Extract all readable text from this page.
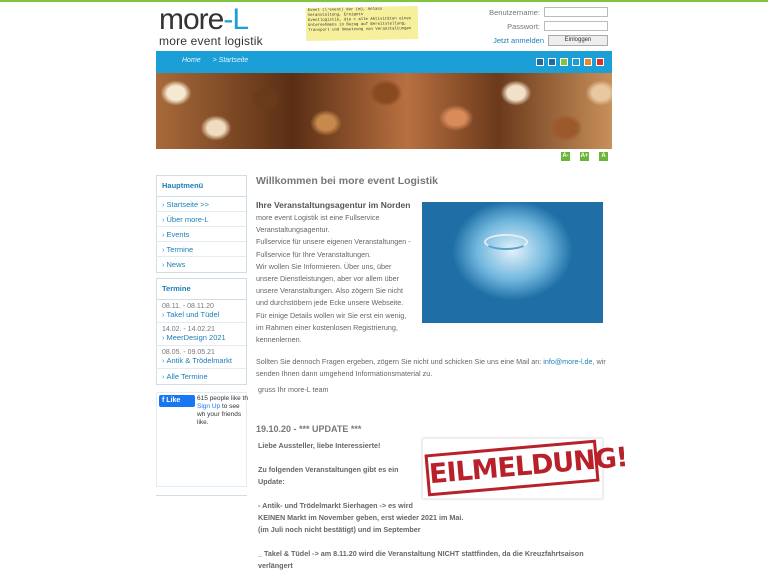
more-L
more event logistik
Event (l'event) der (m), Anlass
Veranstaltung, Ereignis
Eventlogistik, die = alle Aktivitäten eines
Unternehmens in Bezug auf Bereitstellung,
Transport und Umsetzung von Veranstaltungen
Benutzername:
Passwort:
Jetzt anmelden	Einloggen
Home > Startseite
A- A+	A
Hauptmenü
› Startseite >>
› Über more-L
› Events
› Termine
› News
Termine
08.11. - 08.11.20
› Takel und Tüdel
14.02. - 14.02.21
› MeerDesign 2021
08.05. - 09.05.21
› Antik & Trödelmarkt
› Alle Termine
f Like	615 people like th
Sign Up to see wh your friends like.
Willkommen bei more event Logistik
Ihre Veranstaltungsagentur im Norden
more event Logistik ist eine Fullservice Veranstaltungsagentur.
Fullservice für unsere eigenen Veranstaltungen - Fullservice für Ihre Veranstaltungen.
Wir wollen Sie Informieren. Über uns, über unsere Dienstleistungen, aber vor allem über unsere Veranstaltungen. Also zögern Sie nicht und durchstöbern jede Ecke unsere Webseite.
Für einige Details wollen wir Sie erst ein wenig, im Rahmen einer kostenlosen Registrierung, kennenlernen.
Sollten Sie dennoch Fragen ergeben, zögern Sie nicht und schicken Sie uns eine Mail an: info@more-l.de, wir senden Ihnen dann umgehend Informationsmaterial zu.
gruss Ihr more-L team
19.10.20 - *** UPDATE ***
Liebe Aussteller, liebe Interessierte!

Zu folgenden Veranstaltungen gibt es ein Update:	EILMELDUNG!
- Antik- und Trödelmarkt Sierhagen -> es wird
KEINEN Markt im November geben, erst wieder 2021 im Mai.
(im Juli noch nicht bestätigt) und im September

_ Takel & Tüdel -> am 8.11.20 wird die Veranstaltung NICHT stattfinden, da die Kreuzfahrtsaison
verlängert
